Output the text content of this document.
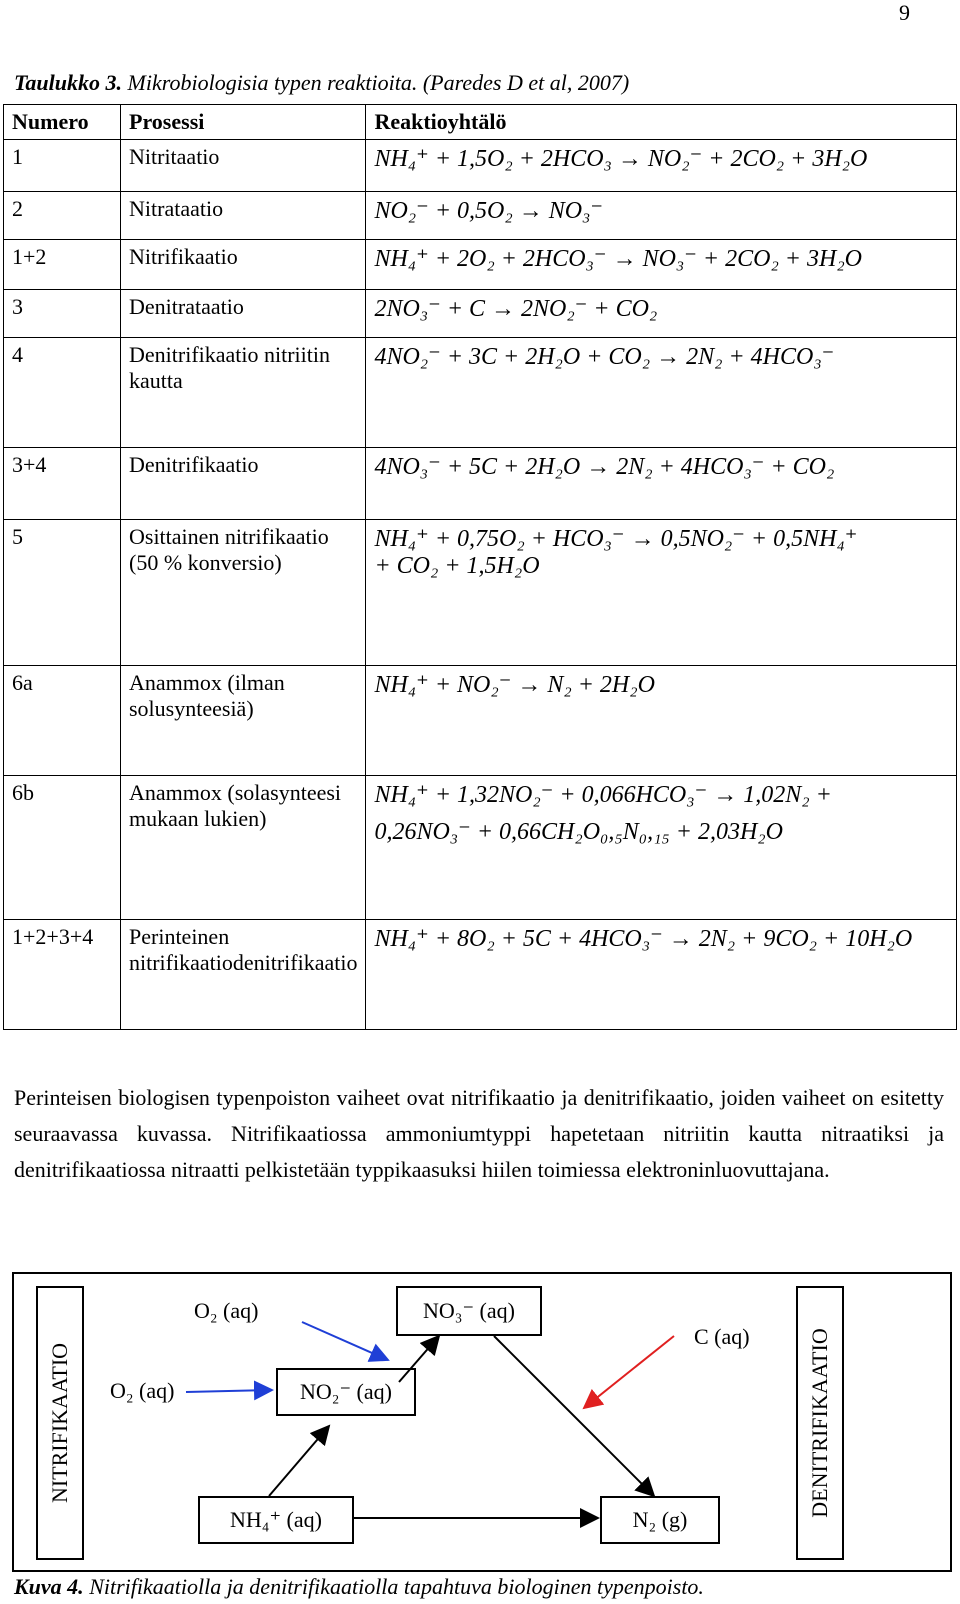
9
Taulukko 3. Mikrobiologisia typen reaktioita. (Paredes D et al, 2007)
Numero	Prosessi	Reaktioyhtälö
1	Nitritaatio	NH₄⁺ + 1,5O₂ + 2HCO₃ → NO₂⁻ + 2CO₂ + 3H₂O

2	Nitrataatio	NO₂⁻ + 0,5O₂ → NO₃⁻

1+2	Nitrifikaatio	NH₄⁺ + 2O₂ + 2HCO₃⁻ → NO₃⁻ + 2CO₂ + 3H₂O

3	Denitrataatio	2NO₃⁻ + C → 2NO₂⁻ + CO₂

4	Denitrifikaatio nitriitin kautta	4NO₂⁻ + 3C + 2H₂O + CO₂ → 2N₂ + 4HCO₃⁻

3+4	Denitrifikaatio	4NO₃⁻ + 5C + 2H₂O → 2N₂ + 4HCO₃⁻ + CO₂

5	Osittainen nitrifikaatio (50 % konversio)	NH₄⁺ + 0,75O₂ + HCO₃⁻ → 0,5NO₂⁻ + 0,5NH₄⁺
+ CO₂ + 1,5H₂O

6a	Anammox (ilman solusynteesiä)	NH₄⁺ + NO₂⁻ → N₂ + 2H₂O

6b	Anammox (solasynteesi mukaan lukien)	NH₄⁺ + 1,32NO₂⁻ + 0,066HCO₃⁻ → 1,02N₂ +
0,26NO₃⁻ + 0,66CH₂O₀,₅N₀,₁₅ + 2,03H₂O

1+2+3+4	Perinteinen nitrifikaatiodenitrifikaatio	NH₄⁺ + 8O₂ + 5C + 4HCO₃⁻ → 2N₂ + 9CO₂ + 10H₂O
Perinteisen biologisen typenpoiston vaiheet ovat nitrifikaatio ja denitrifikaatio, joiden vaiheet on esitetty seuraavassa kuvassa. Nitrifikaatiossa ammoniumtyppi hapetetaan nitriitin kautta nitraatiksi ja denitrifikaatiossa nitraatti pelkistetään typpikaasuksi hiilen toimiessa elektroninluovuttajana.
NITRIFIKAATIO	DENITRIFIKAATIO
O₂ (aq)
O₂ (aq)
C (aq)
NO₃⁻ (aq)
NO₂⁻ (aq)
NH₄⁺ (aq)	N₂ (g)
Kuva 4. Nitrifikaatiolla ja denitrifikaatiolla tapahtuva biologinen typenpoisto.
